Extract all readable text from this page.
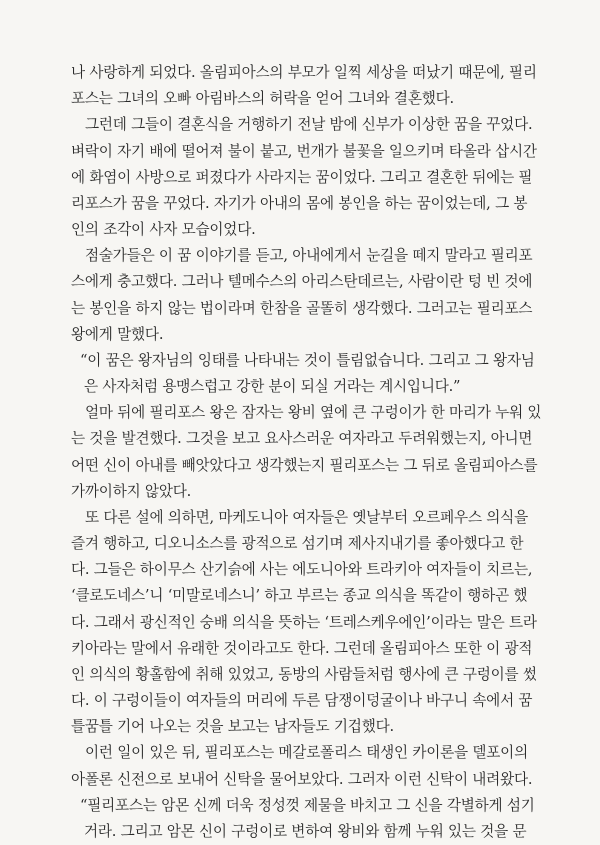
나 사랑하게 되었다. 올림피아스의 부모가 일찍 세상을 떠났기 때문에, 필리
포스는 그녀의 오빠 아림바스의 허락을 얻어 그녀와 결혼했다.
그런데 그들이 결혼식을 거행하기 전날 밤에 신부가 이상한 꿈을 꾸었다.
벼락이 자기 배에 떨어져 불이 붙고, 번개가 불꽃을 일으키며 타올라 삽시간
에 화염이 사방으로 퍼졌다가 사라지는 꿈이었다. 그리고 결혼한 뒤에는 필
리포스가 꿈을 꾸었다. 자기가 아내의 몸에 봉인을 하는 꿈이었는데, 그 봉
인의 조각이 사자 모습이었다.
점술가들은 이 꿈 이야기를 듣고, 아내에게서 눈길을 떼지 말라고 필리포
스에게 충고했다. 그러나 텔메수스의 아리스탄데르는, 사람이란 텅 빈 것에
는 봉인을 하지 않는 법이라며 한참을 골똘히 생각했다. 그러고는 필리포스
왕에게 말했다.
“이 꿈은 왕자님의 잉태를 나타내는 것이 틀림없습니다. 그리고 그 왕자님
은 사자처럼 용맹스럽고 강한 분이 되실 거라는 계시입니다.”
얼마 뒤에 필리포스 왕은 잠자는 왕비 옆에 큰 구렁이가 한 마리가 누워 있
는 것을 발견했다. 그것을 보고 요사스러운 여자라고 두려워했는지, 아니면
어떤 신이 아내를 빼앗았다고 생각했는지 필리포스는 그 뒤로 올림피아스를
가까이하지 않았다.
또 다른 설에 의하면, 마케도니아 여자들은 옛날부터 오르페우스 의식을
즐겨 행하고, 디오니소스를 광적으로 섬기며 제사지내기를 좋아했다고 한
다. 그들은 하이무스 산기슭에 사는 에도니아와 트라키아 여자들이 치르는,
‘클로도네스’니 ‘미말로네스니’ 하고 부르는 종교 의식을 똑같이 행하곤 했
다. 그래서 광신적인 숭배 의식을 뜻하는 ‘트레스케우에인’이라는 말은 트라
키아라는 말에서 유래한 것이라고도 한다. 그런데 올림피아스 또한 이 광적
인 의식의 황홀함에 취해 있었고, 동방의 사람들처럼 행사에 큰 구렁이를 썼
다. 이 구렁이들이 여자들의 머리에 두른 담쟁이덩굴이나 바구니 속에서 꿈
틀꿈틀 기어 나오는 것을 보고는 남자들도 기겁했다.
이런 일이 있은 뒤, 필리포스는 메갈로폴리스 태생인 카이론을 델포이의
아폴론 신전으로 보내어 신탁을 물어보았다. 그러자 이런 신탁이 내려왔다.
“필리포스는 암몬 신께 더욱 정성껏 제물을 바치고 그 신을 각별하게 섬기
거라. 그리고 암몬 신이 구렁이로 변하여 왕비와 함께 누워 있는 것을 문
